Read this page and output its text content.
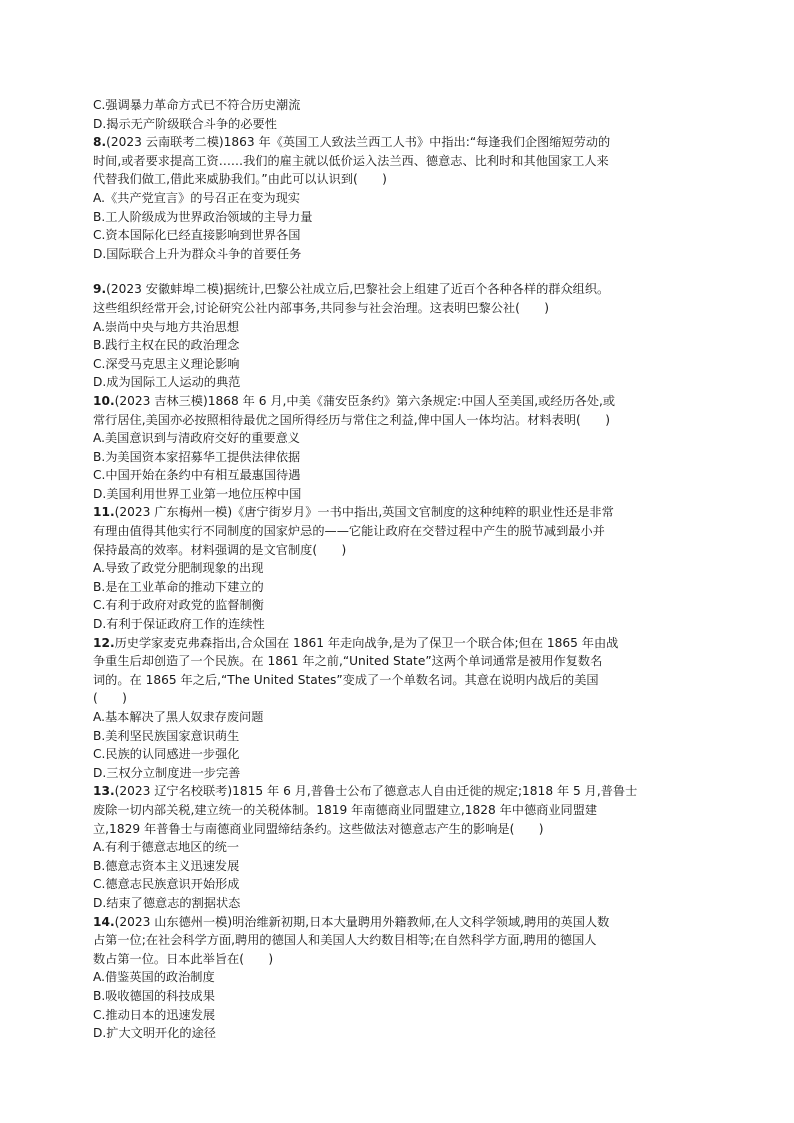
C.强调暴力革命方式已不符合历史潮流
D.揭示无产阶级联合斗争的必要性
8.(2023 云南联考二模)1863 年《英国工人致法兰西工人书》中指出:“每逢我们企图缩短劳动的
时间,或者要求提高工资……我们的雇主就以低价运入法兰西、德意志、比利时和其他国家工人来
代替我们做工,借此来威胁我们。”由此可以认识到(　　)
A.《共产党宣言》的号召正在变为现实
B.工人阶级成为世界政治领域的主导力量
C.资本国际化已经直接影响到世界各国
D.国际联合上升为群众斗争的首要任务
9.(2023 安徽蚌埠二模)据统计,巴黎公社成立后,巴黎社会上组建了近百个各种各样的群众组织。
这些组织经常开会,讨论研究公社内部事务,共同参与社会治理。这表明巴黎公社(　　)
A.崇尚中央与地方共治思想
B.践行主权在民的政治理念
C.深受马克思主义理论影响
D.成为国际工人运动的典范
10.(2023 吉林三模)1868 年 6 月,中美《蒲安臣条约》第六条规定:中国人至美国,或经历各处,或
常行居住,美国亦必按照相待最优之国所得经历与常住之利益,俾中国人一体均沾。材料表明(　　)
A.美国意识到与清政府交好的重要意义
B.为美国资本家招募华工提供法律依据
C.中国开始在条约中有相互最惠国待遇
D.美国利用世界工业第一地位压榨中国
11.(2023 广东梅州一模)《唐宁街岁月》一书中指出,英国文官制度的这种纯粹的职业性还是非常
有理由值得其他实行不同制度的国家炉忌的——它能让政府在交替过程中产生的脱节减到最小并
保持最高的效率。材料强调的是文官制度(　　)
A.导致了政党分肥制现象的出现
B.是在工业革命的推动下建立的
C.有利于政府对政党的监督制衡
D.有利于保证政府工作的连续性
12.历史学家麦克弗森指出,合众国在 1861 年走向战争,是为了保卫一个联合体;但在 1865 年由战
争重生后却创造了一个民族。在 1861 年之前,“United State”这两个单词通常是被用作复数名
词的。在 1865 年之后,“The United States”变成了一个单数名词。其意在说明内战后的美国
(　　)
A.基本解决了黑人奴隶存废问题
B.美利坚民族国家意识萌生
C.民族的认同感进一步强化
D.三权分立制度进一步完善
13.(2023 辽宁名校联考)1815 年 6 月,普鲁士公布了德意志人自由迁徙的规定;1818 年 5 月,普鲁士
废除一切内部关税,建立统一的关税体制。1819 年南德商业同盟建立,1828 年中德商业同盟建
立,1829 年普鲁士与南德商业同盟缔结条约。这些做法对德意志产生的影响是(　　)
A.有利于德意志地区的统一
B.德意志资本主义迅速发展
C.德意志民族意识开始形成
D.结束了德意志的割据状态
14.(2023 山东德州一模)明治维新初期,日本大量聘用外籍教师,在人文科学领域,聘用的英国人数
占第一位;在社会科学方面,聘用的德国人和美国人大约数目相等;在自然科学方面,聘用的德国人
数占第一位。日本此举旨在(　　)
A.借鉴英国的政治制度
B.吸收德国的科技成果
C.推动日本的迅速发展
D.扩大文明开化的途径
